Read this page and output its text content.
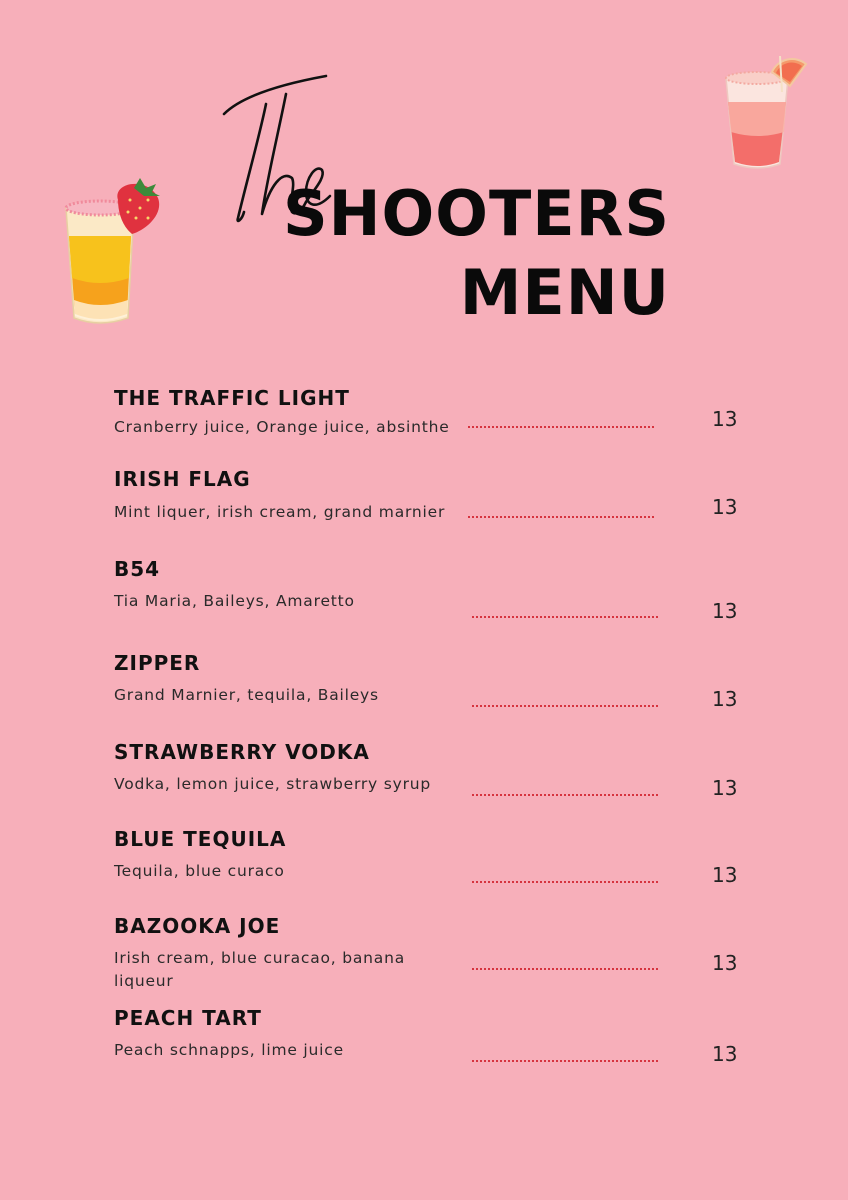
SHOOTERS
MENU
THE TRAFFIC LIGHT
Cranberry juice, Orange juice, absinthe	13
IRISH FLAG
Mint liquer, irish cream, grand marnier	13
B54
Tia Maria, Baileys, Amaretto	13
ZIPPER
Grand Marnier, tequila, Baileys	13
STRAWBERRY VODKA
Vodka, lemon juice, strawberry syrup	13
BLUE TEQUILA
Tequila, blue curaco	13
BAZOOKA JOE
Irish cream, blue curacao, banana liqueur
13
PEACH TART
Peach schnapps, lime juice	13
